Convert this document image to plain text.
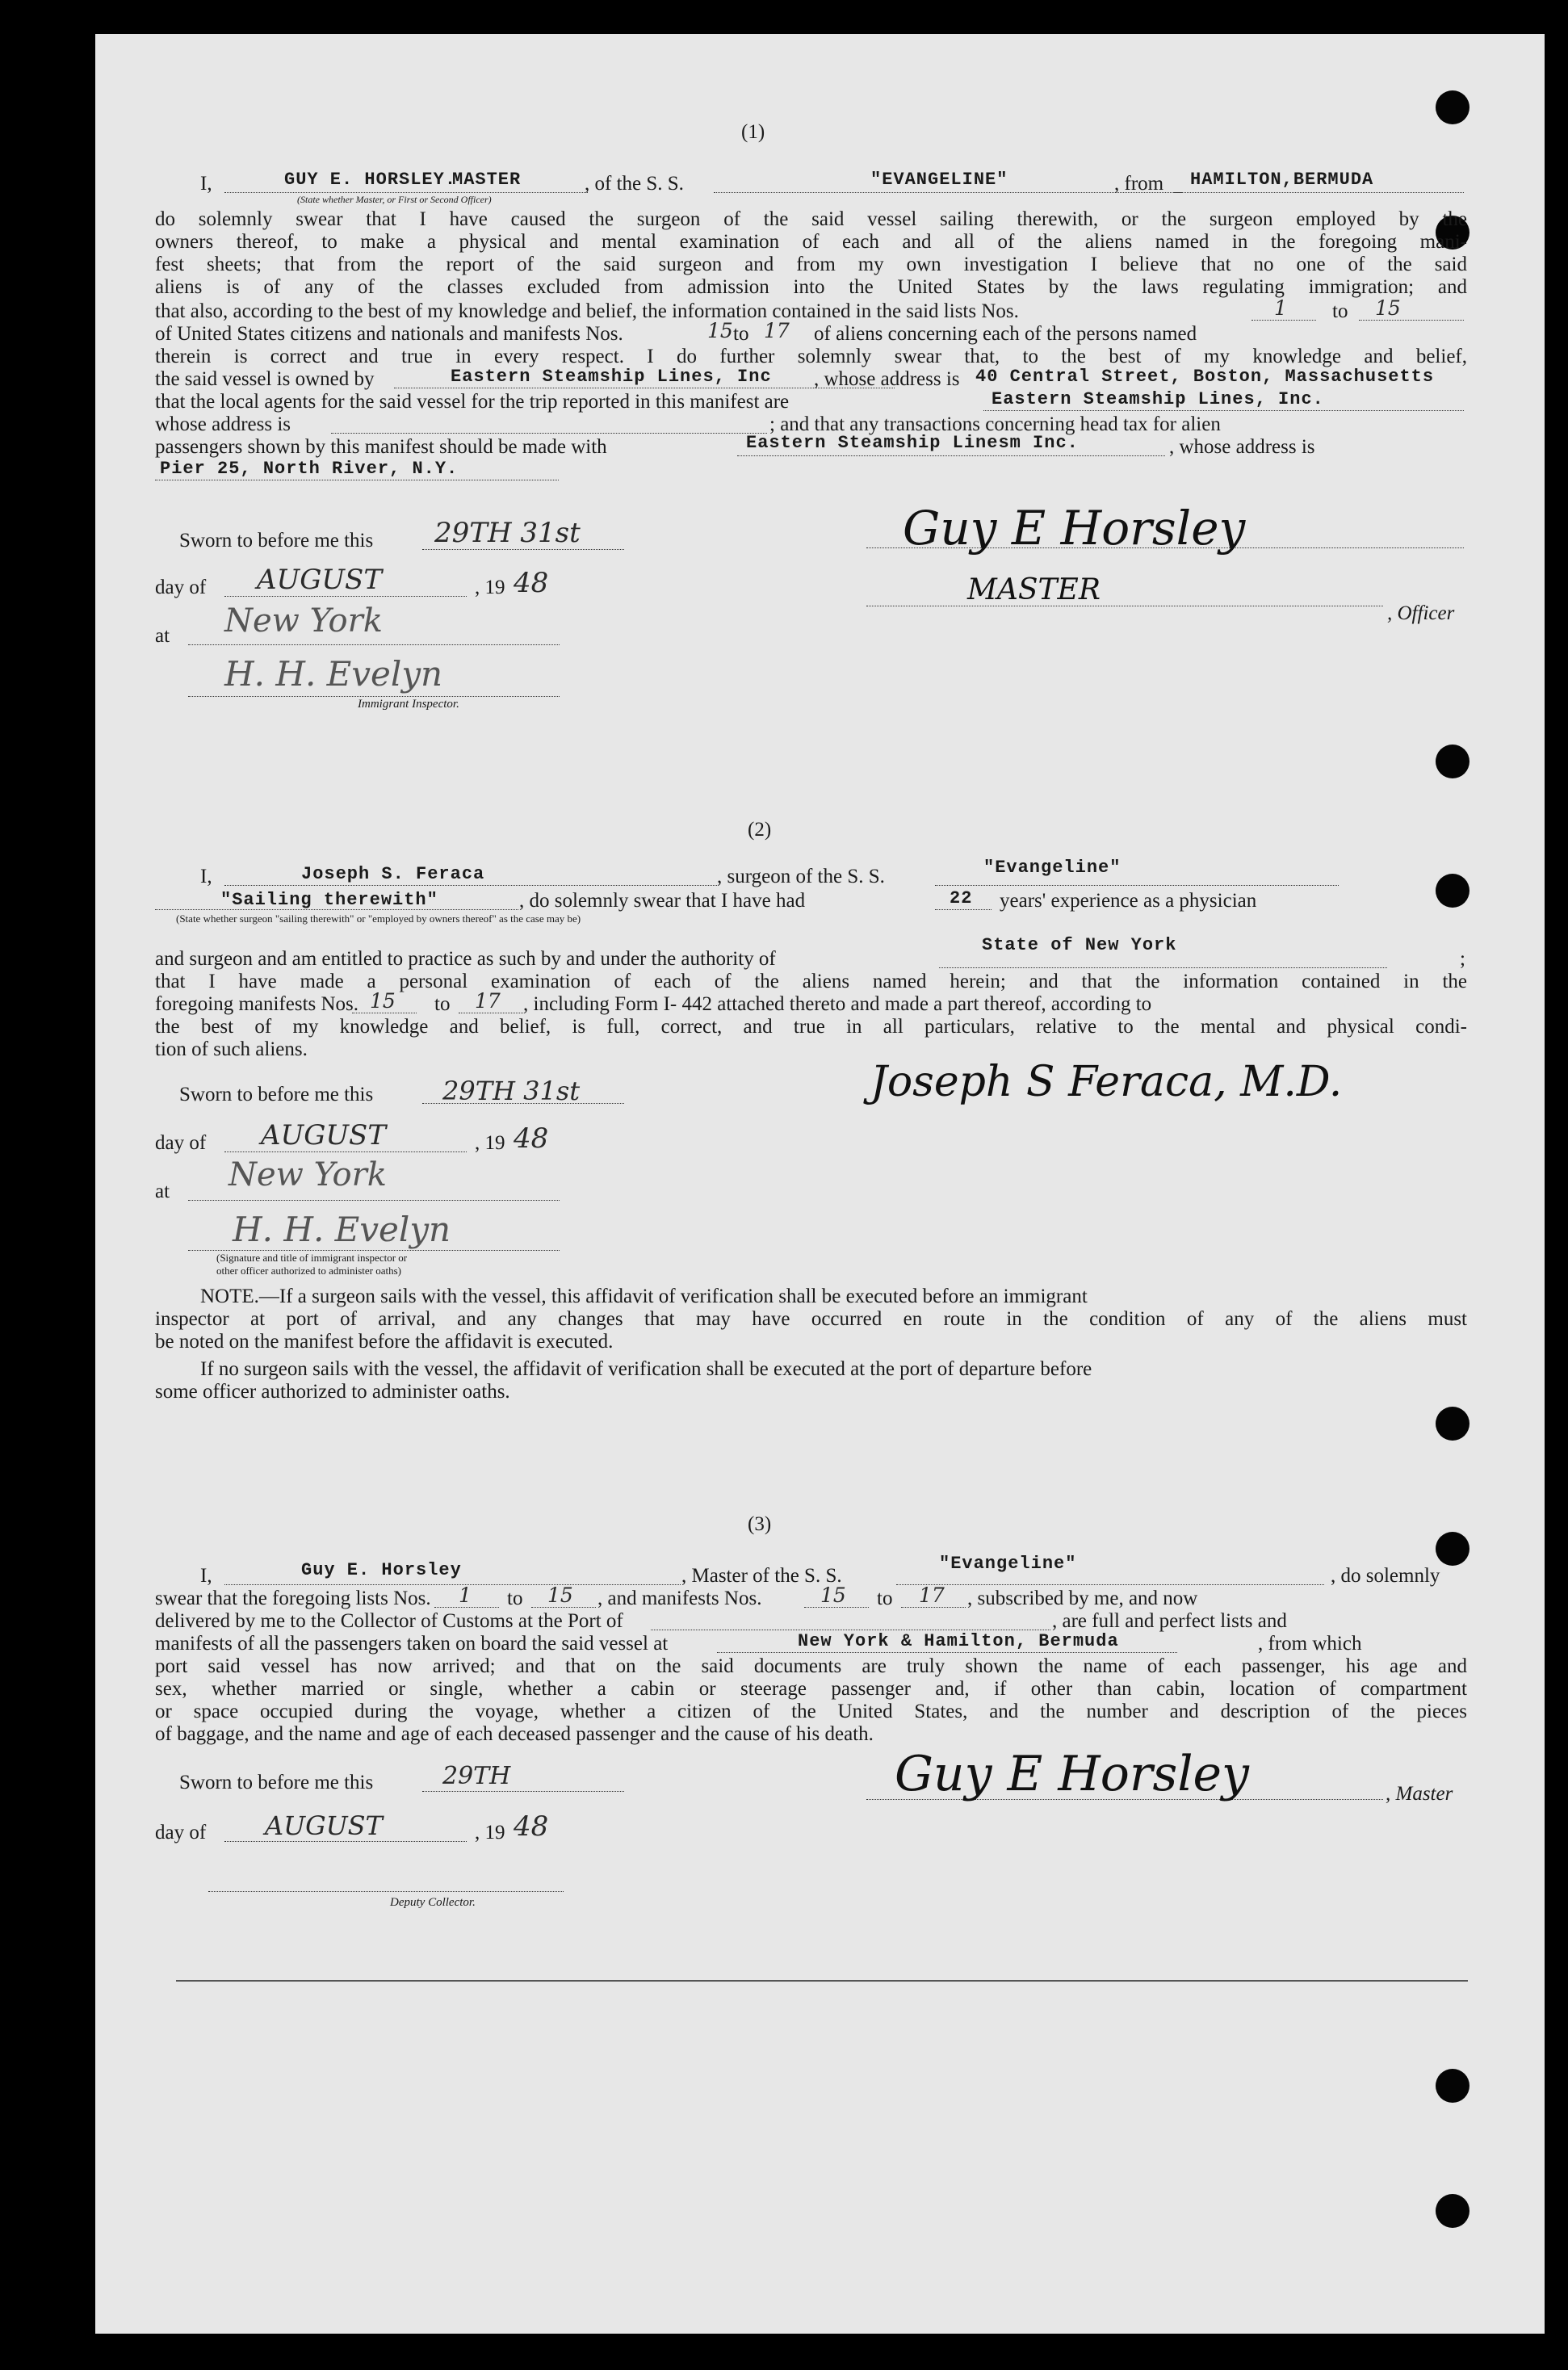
(1)
I,	GUY E. HORSLEY.
MASTER
(State whether Master, or First or Second Officer)
, of the S. S.	"EVANGELINE"	, from HAMILTON,BERMUDA
do solemnly swear that I have caused the surgeon of the said vessel sailing therewith, or the surgeon employed by the
owners thereof, to make a physical and mental examination of each and all of the aliens named in the foregoing mani-
fest sheets; that from the report of the said surgeon and from my own investigation I believe that no one of the said
aliens is of any of the classes excluded from admission into the United States by the laws regulating immigration; and
that also, according to the best of my knowledge and belief, the information contained in the said lists Nos.	1 to 15
of United States citizens and nationals and manifests Nos.	15 to 17 of aliens concerning each of the persons named
therein is correct and true in every respect. I do further solemnly swear that, to the best of my knowledge and belief,
the said vessel is owned by	Eastern Steamship Lines, Inc , whose address is 40 Central Street, Boston, Massachusetts
that the local agents for the said vessel for the trip reported in this manifest are	Eastern Steamship Lines, Inc.
whose address is	; and that any transactions concerning head tax for alien
passengers shown by this manifest should be made with	Eastern Steamship Linesm Inc.	, whose address is
Pier 25, North River, N.Y.
Sworn to before me this 29TH 31st
day of AUGUST	, 19 48
at New York
H. H. Evelyn
Immigrant Inspector.
Guy E Horsley
MASTER
, Officer
(2)
I,	Joseph S. Feraca	, surgeon of the S. S.	"Evangeline"
"Sailing therewith"	, do solemnly swear that I have had	22 years' experience as a physician
(State whether surgeon "sailing therewith" or "employed by owners thereof" as the case may be)
and surgeon and am entitled to practice as such by and under the authority of
State of New York
;
that I have made a personal examination of each of the aliens named herein; and that the information contained in the
foregoing manifests Nos. 15 to 17 , including Form I- 442 attached thereto and made a part thereof, according to
the best of my knowledge and belief, is full, correct, and true in all particulars, relative to the mental and physical condi-
tion of such aliens.
Sworn to before me this	29TH 31st
day of AUGUST	, 19 48
at New York
H. H. Evelyn
(Signature and title of immigrant inspector or
other officer authorized to administer oaths)
Joseph S Feraca, M.D.
NOTE.—If a surgeon sails with the vessel, this affidavit of verification shall be executed before an immigrant
inspector at port of arrival, and any changes that may have occurred en route in the condition of any of the aliens must
be noted on the manifest before the affidavit is executed.
If no surgeon sails with the vessel, the affidavit of verification shall be executed at the port of departure before
some officer authorized to administer oaths.
(3)
I,	Guy E. Horsley	, Master of the S. S.
"Evangeline"
, do solemnly
swear that the foregoing lists Nos. 1 to 15 , and manifests Nos.	15 to 17 , subscribed by me, and now
delivered by me to the Collector of Customs at the Port of	, are full and perfect lists and
manifests of all the passengers taken on board the said vessel at	New York & Hamilton, Bermuda	, from which
port said vessel has now arrived; and that on the said documents are truly shown the name of each passenger, his age and
sex, whether married or single, whether a cabin or steerage passenger and, if other than cabin, location of compartment
or space occupied during the voyage, whether a citizen of the United States, and the number and description of the pieces
of baggage, and the name and age of each deceased passenger and the cause of his death.
Sworn to before me this	29TH
day of AUGUST	, 19 48
Deputy Collector.
Guy E Horsley	, Master
